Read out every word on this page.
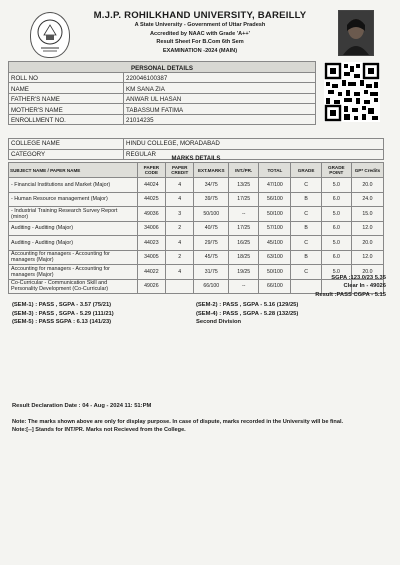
M.J.P. ROHILKHAND UNIVERSITY, BAREILLY
A State University - Government of Uttar Pradesh
Accredited by NAAC with Grade 'A++'
Result Sheet For B.Com 6th Sem
EXAMINATION -2024 (MAIN)
PERSONAL DETAILS	
ROLL NO	220046100387
NAME	KM SANA ZIA
FATHER'S NAME	ANWAR UL HASAN
MOTHER'S NAME	TABASSUM FATIMA
ENROLLMENT NO.	21014235
COLLEGE NAME	HINDU COLLEGE, MORADABAD
CATEGORY	REGULAR
MARKS DETAILS
SUBJECT NAME / PAPER NAME	PAPER CODE	PAPER CREDIT	EXT.MARKS	INT./PR.	TOTAL	GRADE	GRADE POINT	GP* Credits
- Financial Institutions and Market (Major)	44024	4	34/75	13/25	47/100	C	5.0	20.0
- Human Resource management (Major)	44025	4	39/75	17/25	56/100	B	6.0	24.0
- Industrial Training Research Survey Report (minor)	49036	3	50/100	--	50/100	C	5.0	15.0
Auditing - Auditing (Major)	34006	2	40/75	17/25	57/100	B	6.0	12.0
Auditing - Auditing (Major)	44023	4	29/75	16/25	45/100	C	5.0	20.0
Accounting for managers - Accounting for managers (Major)	34005	2	45/75	18/25	63/100	B	6.0	12.0
Accounting for managers - Accounting for managers (Major)	44022	4	31/75	19/25	50/100	C	5.0	20.0
Co-Curricular - Communication Skill and Personality Development (Co-Curricular)	49026		66/100	--	66/100			
SGPA :123.0/23 5.35
Clear In - 49026
Result :PASS CGPA - 5.15
(SEM-1) : PASS , SGPA - 3.57 (75/21)
(SEM-3) : PASS , SGPA - 5.29 (111/21)
(SEM-5) : PASS SGPA : 6.13 (141/23)
(SEM-2) : PASS , SGPA - 5.16 (129/25)
(SEM-4) : PASS , SGPA - 5.28 (132/25)
Second Division
Result Declaration Date : 04 - Aug - 2024 11: 51:PM
Note: The marks shown above are only for display purpose. In case of dispute, marks recorded in the University will be final.
Note:[--] Stands for INT/PR. Marks not Recieved from the College.
